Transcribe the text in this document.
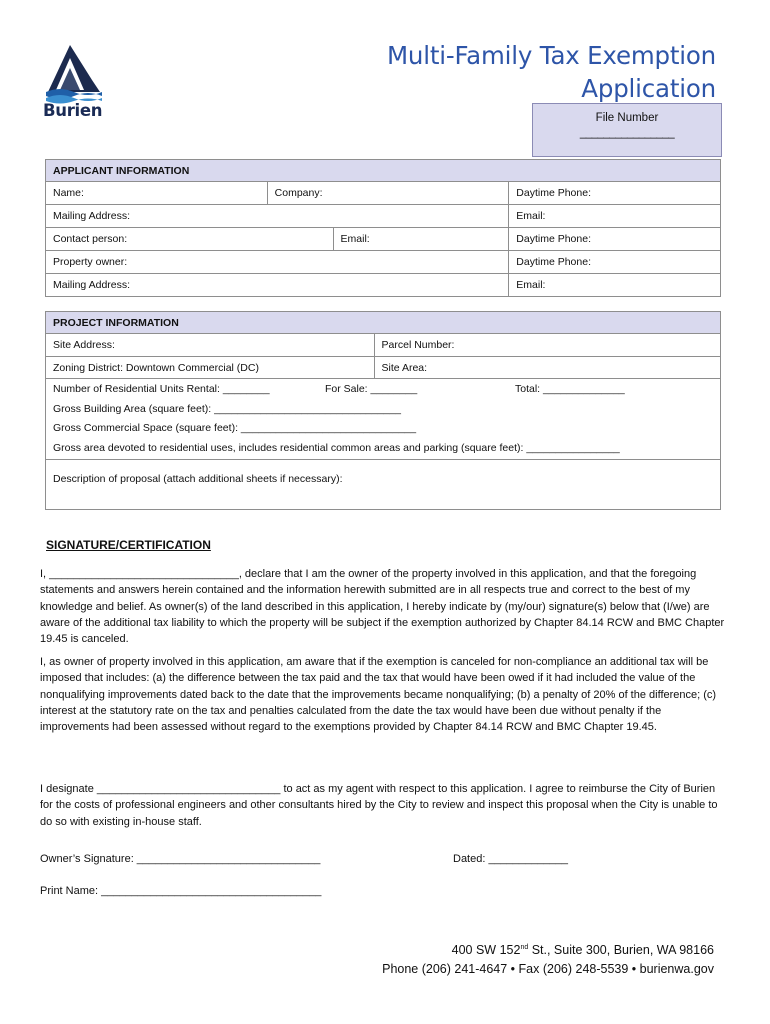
Burien
Multi-Family Tax Exemption
Application
File Number
________________
APPLICANT INFORMATION			
Name:	Company:		Daytime Phone:
Mailing Address:			Email:
Contact person:		Email:	Daytime Phone:
Property owner:			Daytime Phone:
Mailing Address:			Email:
PROJECT INFORMATION	
Site Address:	Parcel Number:
Zoning District: Downtown Commercial (DC)	Site Area:
Number of Residential Units Rental: ________ For Sale: ________ Total: ______________	
Gross Building Area (square feet): ________________________________	
Gross Commercial Space (square feet): ______________________________	
Gross area devoted to residential uses, includes residential common areas and parking (square feet): ________________	
Description of proposal (attach additional sheets if necessary):	
SIGNATURE/CERTIFICATION
I, _______________________________, declare that I am the owner of the property involved in this application, and that the foregoing statements and answers herein contained and the information herewith submitted are in all respects true and correct to the best of my knowledge and belief. As owner(s) of the land described in this application, I hereby indicate by (my/our) signature(s) below that (I/we) are aware of the additional tax liability to which the property will be subject if the exemption authorized by Chapter 84.14 RCW and BMC Chapter 19.45 is canceled.
I, as owner of property involved in this application, am aware that if the exemption is canceled for non-compliance an additional tax will be imposed that includes: (a) the difference between the tax paid and the tax that would have been owed if it had included the value of the nonqualifying improvements dated back to the date that the improvements became nonqualifying; (b) a penalty of 20% of the difference; (c) interest at the statutory rate on the tax and penalties calculated from the date the tax would have been due without penalty if the improvements had been assessed without regard to the exemptions provided by Chapter 84.14 RCW and BMC Chapter 19.45.
I designate ______________________________ to act as my agent with respect to this application. I agree to reimburse the City of Burien for the costs of professional engineers and other consultants hired by the City to review and inspect this proposal when the City is unable to do so with existing in-house staff.
Owner’s Signature: ______________________________	Dated: _____________
Print Name: ____________________________________
400 SW 152nd St., Suite 300, Burien, WA 98166
Phone (206) 241-4647 • Fax (206) 248-5539 • burienwa.gov
